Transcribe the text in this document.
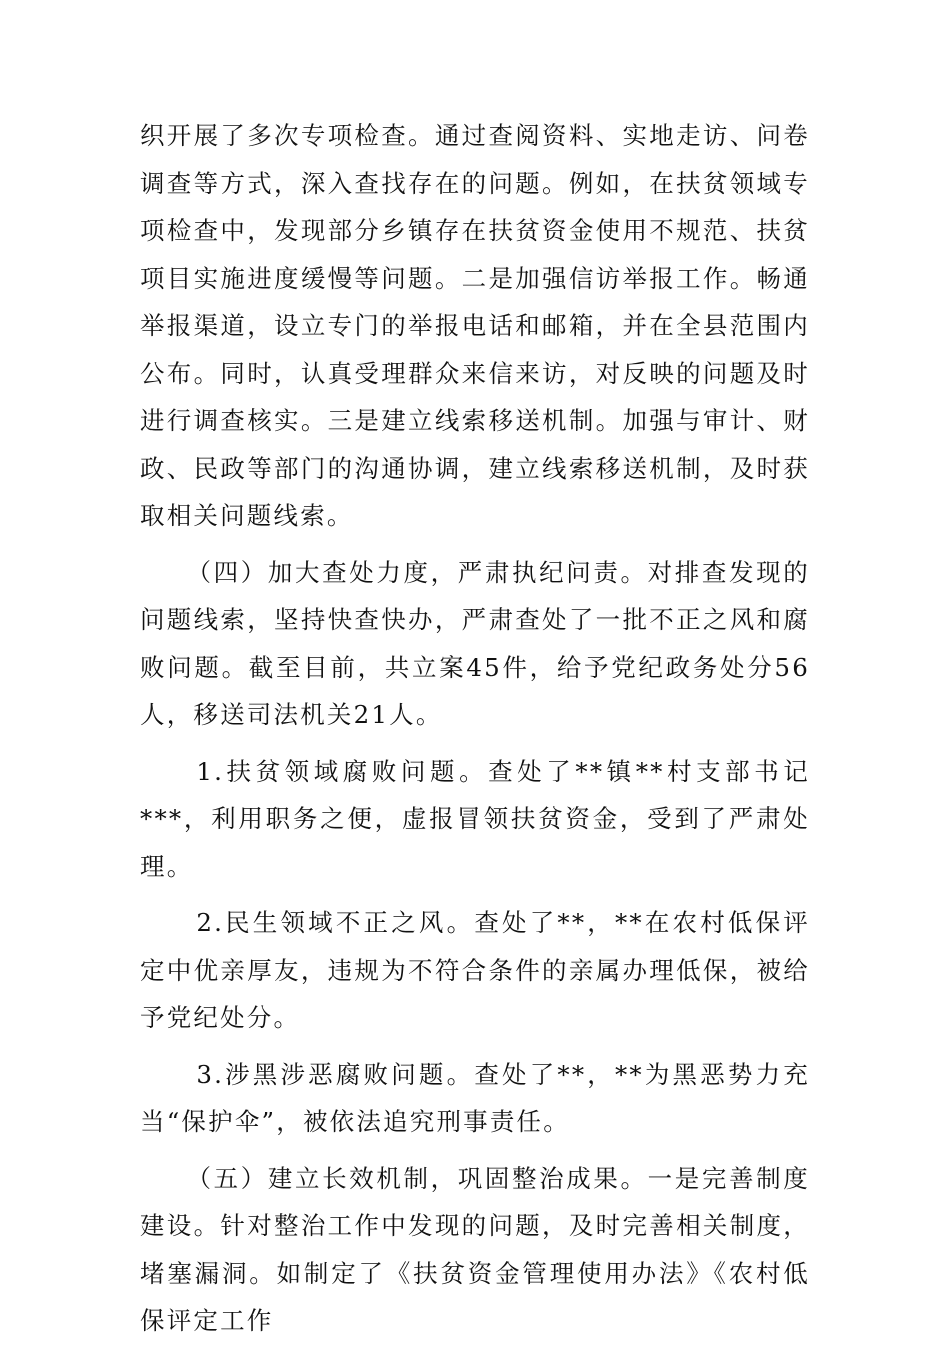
织开展了多次专项检查。通过查阅资料、实地走访、问卷调查等方式，深入查找存在的问题。例如，在扶贫领域专项检查中，发现部分乡镇存在扶贫资金使用不规范、扶贫项目实施进度缓慢等问题。二是加强信访举报工作。畅通举报渠道，设立专门的举报电话和邮箱，并在全县范围内公布。同时，认真受理群众来信来访，对反映的问题及时进行调查核实。三是建立线索移送机制。加强与审计、财政、民政等部门的沟通协调，建立线索移送机制，及时获取相关问题线索。

（四）加大查处力度，严肃执纪问责。对排查发现的问题线索，坚持快查快办，严肃查处了一批不正之风和腐败问题。截至目前，共立案45件，给予党纪政务处分56人，移送司法机关21人。

1.扶贫领域腐败问题。查处了**镇**村支部书记***，利用职务之便，虚报冒领扶贫资金，受到了严肃处理。

2.民生领域不正之风。查处了**，**在农村低保评定中优亲厚友，违规为不符合条件的亲属办理低保，被给予党纪处分。

3.涉黑涉恶腐败问题。查处了**，**为黑恶势力充当“保护伞”，被依法追究刑事责任。

（五）建立长效机制，巩固整治成果。一是完善制度建设。针对整治工作中发现的问题，及时完善相关制度，堵塞漏洞。如制定了《扶贫资金管理使用办法》《农村低保评定工作
